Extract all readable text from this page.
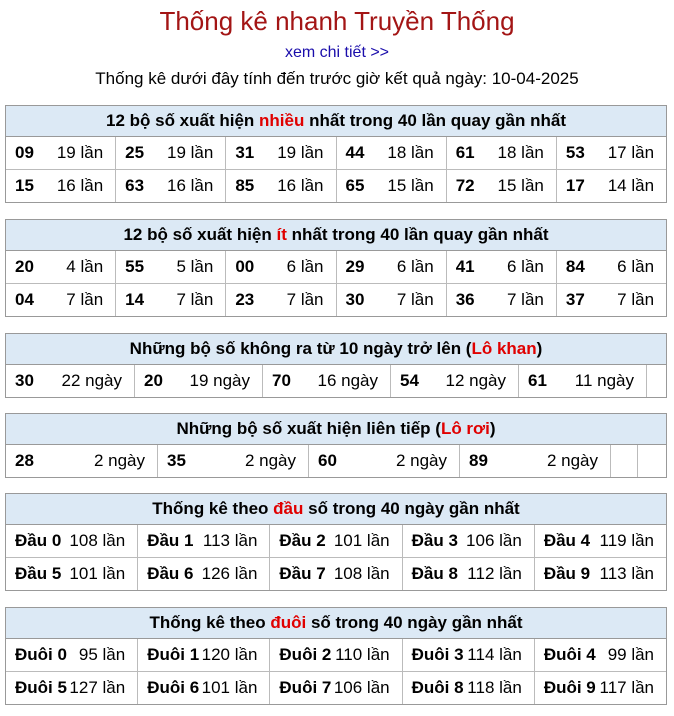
Thống kê nhanh Truyền Thống
xem chi tiết >>
Thống kê dưới đây tính đến trước giờ kết quả ngày: 10-04-2025
12 bộ số xuất hiện nhiều nhất trong 40 lần quay gần nhất
09 19 lần 25 19 lần 31 19 lần 44 18 lần 61 18 lần 53 17 lần
15 16 lần 63 16 lần 85 16 lần 65 15 lần 72 15 lần 17 14 lần
12 bộ số xuất hiện ít nhất trong 40 lần quay gần nhất
20 4 lần 55 5 lần 00 6 lần 29 6 lần 41 6 lần 84 6 lần
04 7 lần 14 7 lần 23 7 lần 30 7 lần 36 7 lần 37 7 lần
Những bộ số không ra từ 10 ngày trở lên (Lô khan)
30 22 ngày 20 19 ngày 70 16 ngày 54 12 ngày 61 11 ngày
Những bộ số xuất hiện liên tiếp (Lô rơi)
28	2 ngày 35	2 ngày 60	2 ngày 89	2 ngày
Thống kê theo đầu số trong 40 ngày gần nhất
Đầu 0 108 lần Đầu 1 113 lần Đầu 2 101 lần Đầu 3 106 lần Đầu 4 119 lần
Đầu 5 101 lần Đầu 6 126 lần Đầu 7 108 lần Đầu 8 112 lần Đầu 9 113 lần
Thống kê theo đuôi số trong 40 ngày gần nhất
Đuôi 0 95 lần Đuôi 1 120 lần Đuôi 2 110 lần Đuôi 3 114 lần Đuôi 4 99 lần
Đuôi 5 127 lần Đuôi 6 101 lần Đuôi 7 106 lần Đuôi 8 118 lần Đuôi 9 117 lần
